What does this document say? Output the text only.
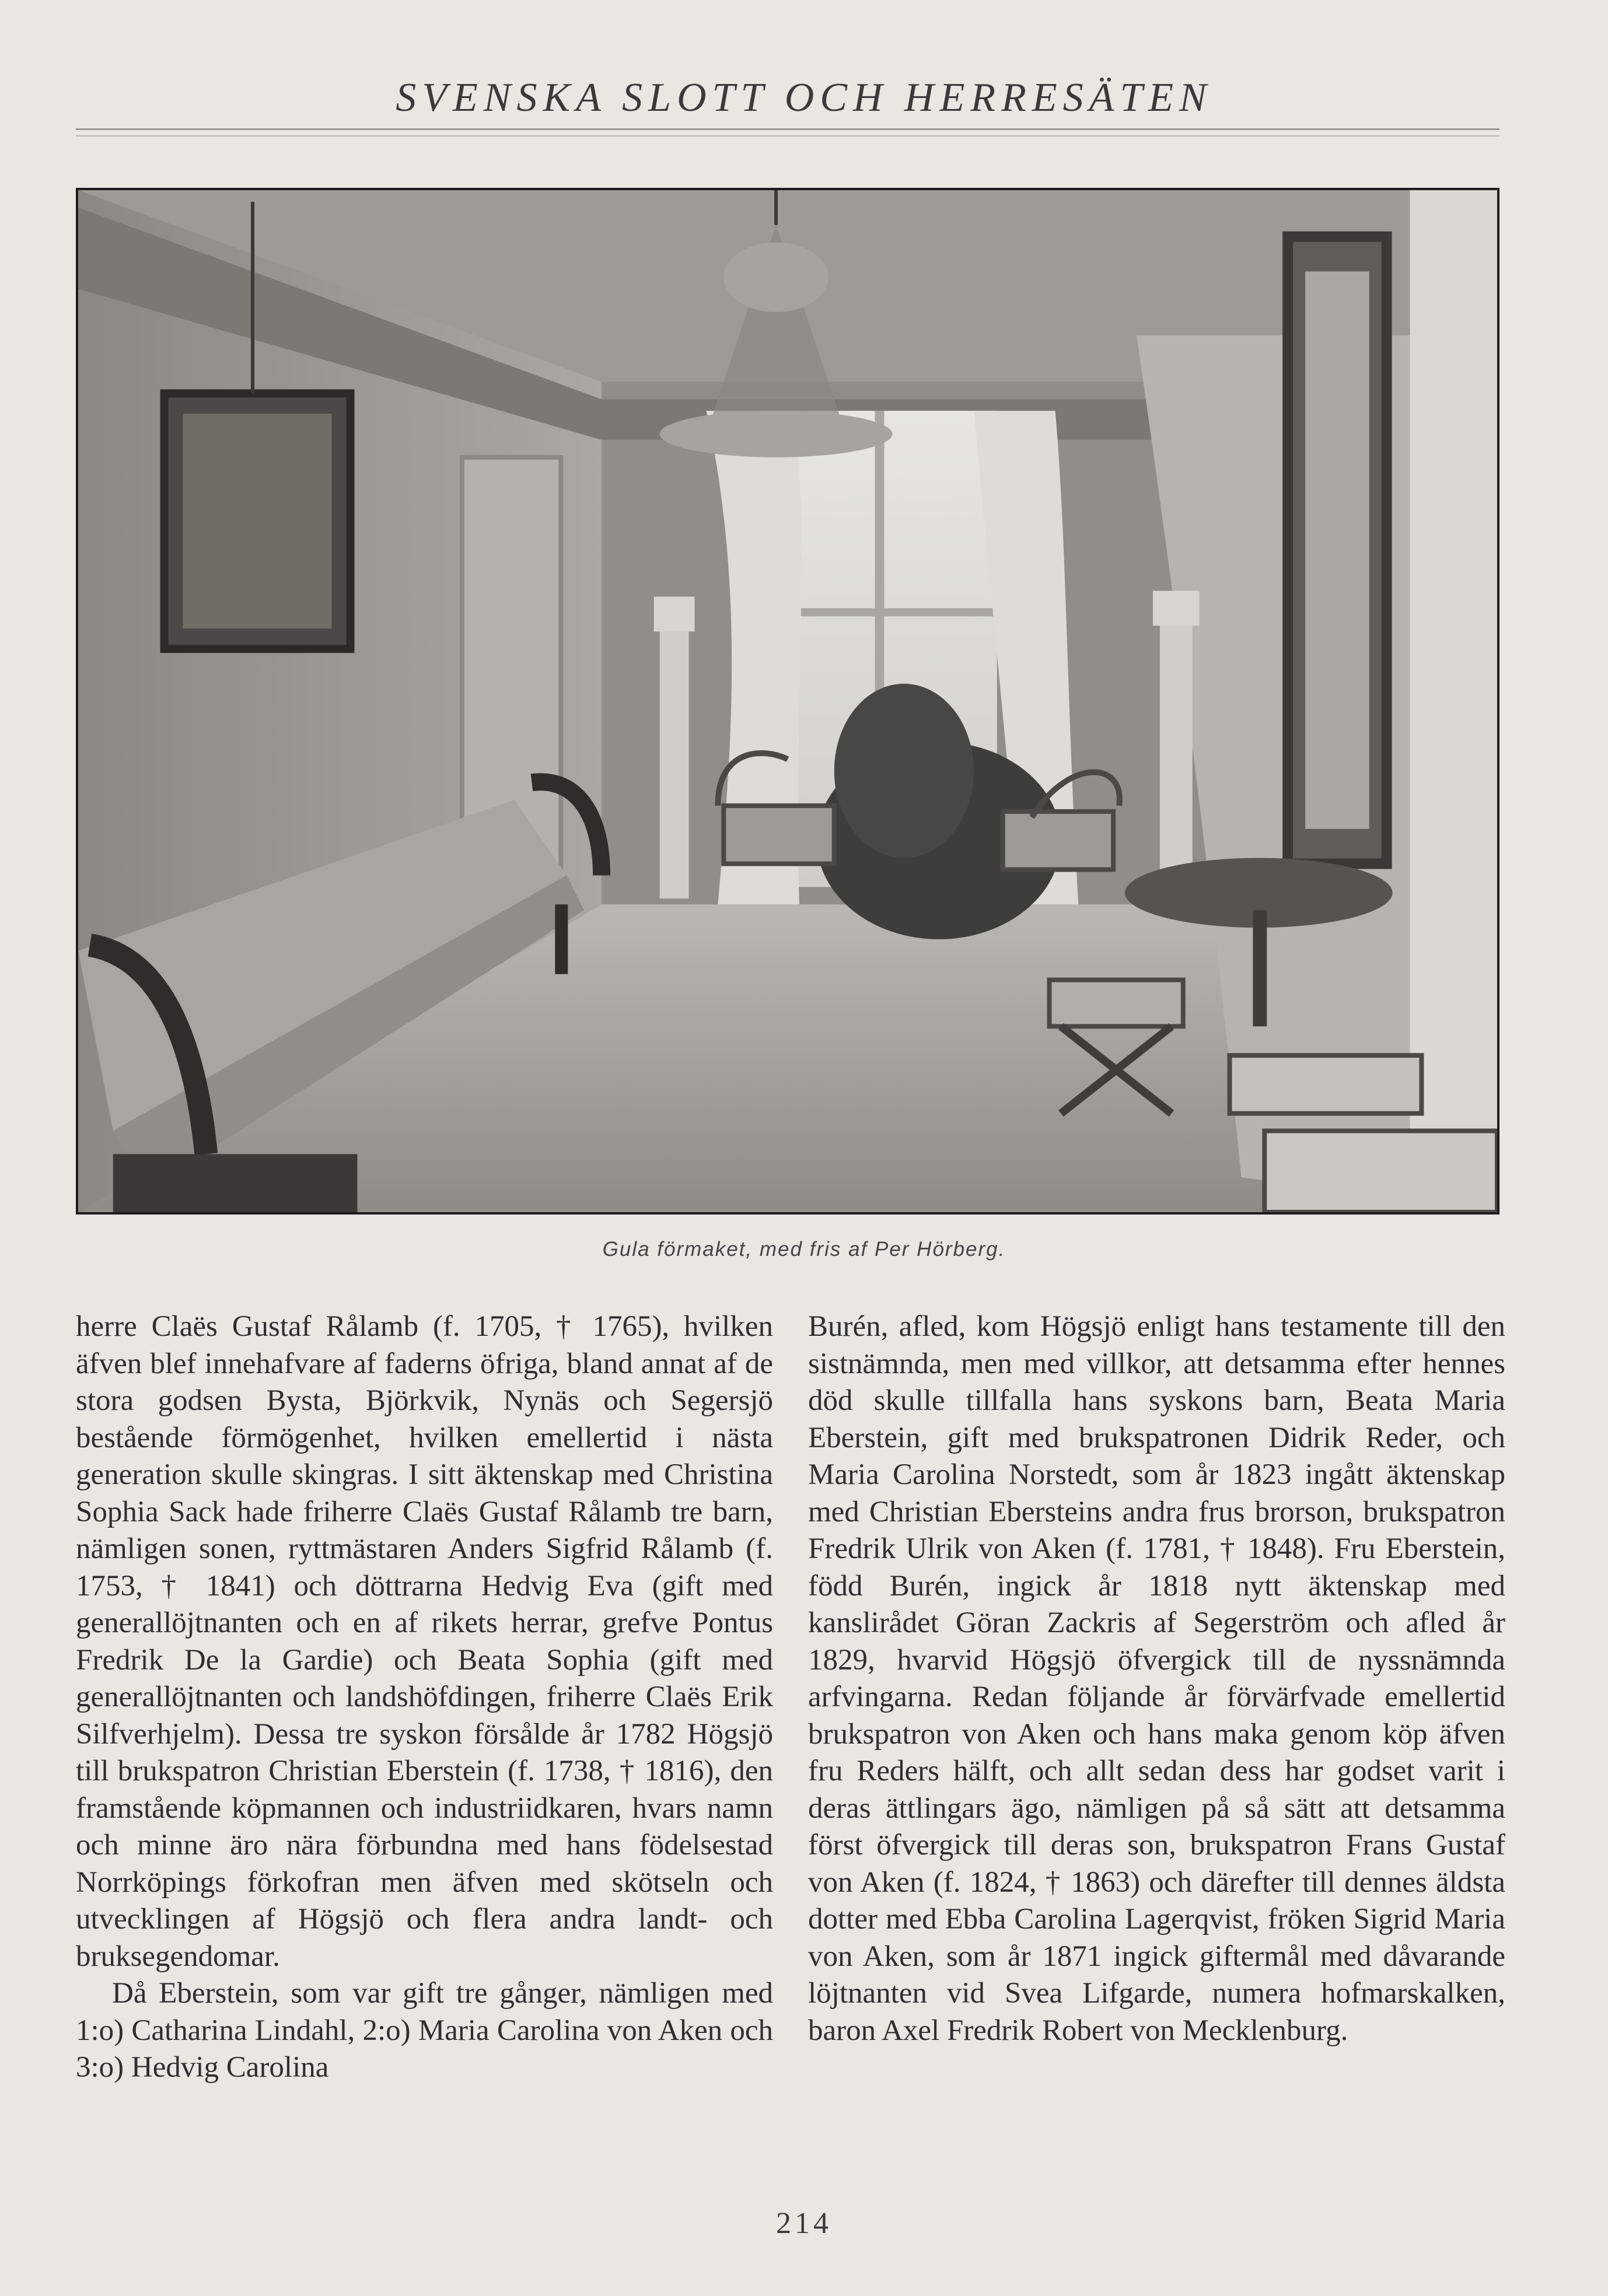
SVENSKA SLOTT OCH HERRESÄTEN
Gula förmaket, med fris af Per Hörberg.

herre Claës Gustaf Rålamb (f. 1705, † 1765), hvilken äfven blef innehafvare af faderns öfriga, bland annat af de stora godsen Bysta, Björkvik, Nynäs och Segersjö bestående förmögenhet, hvilken emellertid i nästa generation skulle skingras. I sitt äktenskap med Christina Sophia Sack hade friherre Claës Gustaf Rålamb tre barn, nämligen sonen, ryttmästaren Anders Sigfrid Rålamb (f. 1753, † 1841) och döttrarna Hedvig Eva (gift med generallöjtnanten och en af rikets herrar, grefve Pontus Fredrik De la Gardie) och Beata Sophia (gift med generallöjtnanten och landshöfdingen, friherre Claës Erik Silfverhjelm). Dessa tre syskon försålde år 1782 Högsjö till brukspatron Christian Eberstein (f. 1738, † 1816), den framstående köpmannen och industriidkaren, hvars namn och minne äro nära förbundna med hans födelsestad Norrköpings förkofran men äfven med skötseln och utvecklingen af Högsjö och flera andra landt- och bruksegendomar.

Då Eberstein, som var gift tre gånger, nämligen med 1:o) Catharina Lindahl, 2:o) Maria Carolina von Aken och 3:o) Hedvig Carolina

Burén, afled, kom Högsjö enligt hans testamente till den sistnämnda, men med villkor, att detsamma efter hennes död skulle tillfalla hans syskons barn, Beata Maria Eberstein, gift med brukspatronen Didrik Reder, och Maria Carolina Norstedt, som år 1823 ingått äktenskap med Christian Ebersteins andra frus brorson, brukspatron Fredrik Ulrik von Aken (f. 1781, † 1848). Fru Eberstein, född Burén, ingick år 1818 nytt äktenskap med kanslirådet Göran Zackris af Segerström och afled år 1829, hvarvid Högsjö öfvergick till de nyssnämnda arfvingarna. Redan följande år förvärfvade emellertid brukspatron von Aken och hans maka genom köp äfven fru Reders hälft, och allt sedan dess har godset varit i deras ättlingars ägo, nämligen på så sätt att detsamma först öfvergick till deras son, brukspatron Frans Gustaf von Aken (f. 1824, † 1863) och därefter till dennes äldsta dotter med Ebba Carolina Lagerqvist, fröken Sigrid Maria von Aken, som år 1871 ingick giftermål med dåvarande löjtnanten vid Svea Lifgarde, numera hofmarskalken, baron Axel Fredrik Robert von Mecklenburg.

214
